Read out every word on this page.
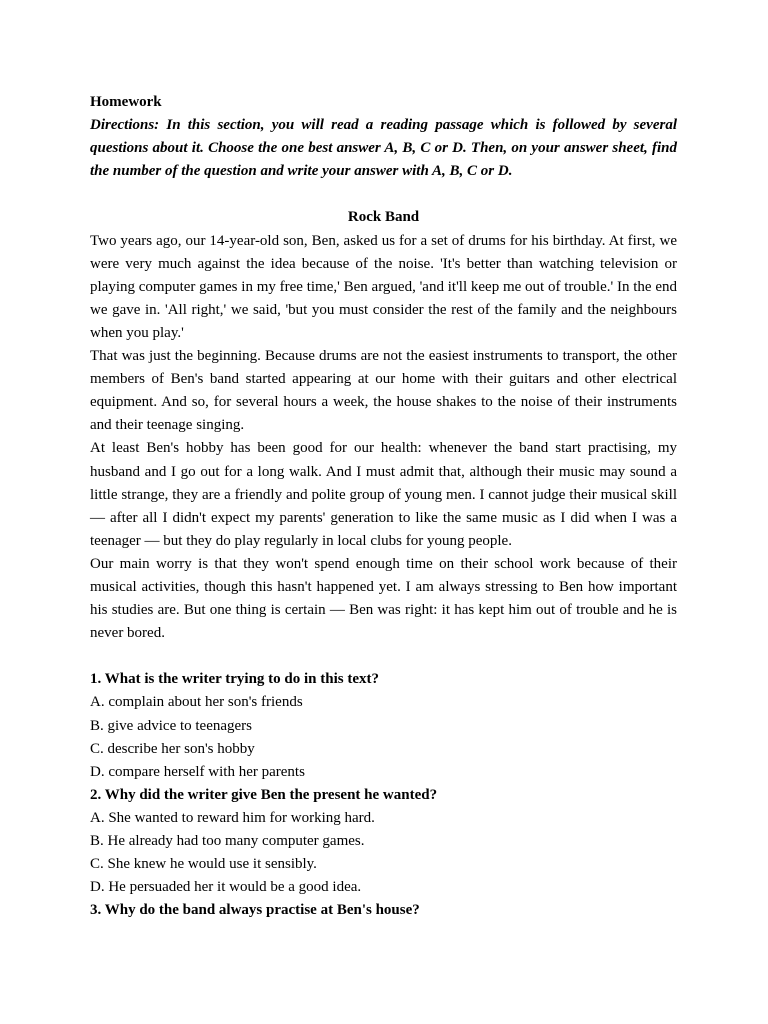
Homework

Directions: In this section, you will read a reading passage which is followed by several questions about it. Choose the one best answer A, B, C or D. Then, on your answer sheet, find the number of the question and write your answer with A, B, C or D.

Rock Band

Two years ago, our 14-year-old son, Ben, asked us for a set of drums for his birthday. At first, we were very much against the idea because of the noise. 'It's better than watching television or playing computer games in my free time,' Ben argued, 'and it'll keep me out of trouble.' In the end we gave in. 'All right,' we said, 'but you must consider the rest of the family and the neighbours when you play.'

That was just the beginning. Because drums are not the easiest instruments to transport, the other members of Ben's band started appearing at our home with their guitars and other electrical equipment. And so, for several hours a week, the house shakes to the noise of their instruments and their teenage singing.

At least Ben's hobby has been good for our health: whenever the band start practising, my husband and I go out for a long walk. And I must admit that, although their music may sound a little strange, they are a friendly and polite group of young men. I cannot judge their musical skill — after all I didn't expect my parents' generation to like the same music as I did when I was a teenager — but they do play regularly in local clubs for young people.

Our main worry is that they won't spend enough time on their school work because of their musical activities, though this hasn't happened yet. I am always stressing to Ben how important his studies are. But one thing is certain — Ben was right: it has kept him out of trouble and he is never bored.

1. What is the writer trying to do in this text?

A. complain about her son's friends

B. give advice to teenagers

C. describe her son's hobby

D. compare herself with her parents

2. Why did the writer give Ben the present he wanted?

A. She wanted to reward him for working hard.

B. He already had too many computer games.

C. She knew he would use it sensibly.

D. He persuaded her it would be a good idea.

3. Why do the band always practise at Ben's house?
